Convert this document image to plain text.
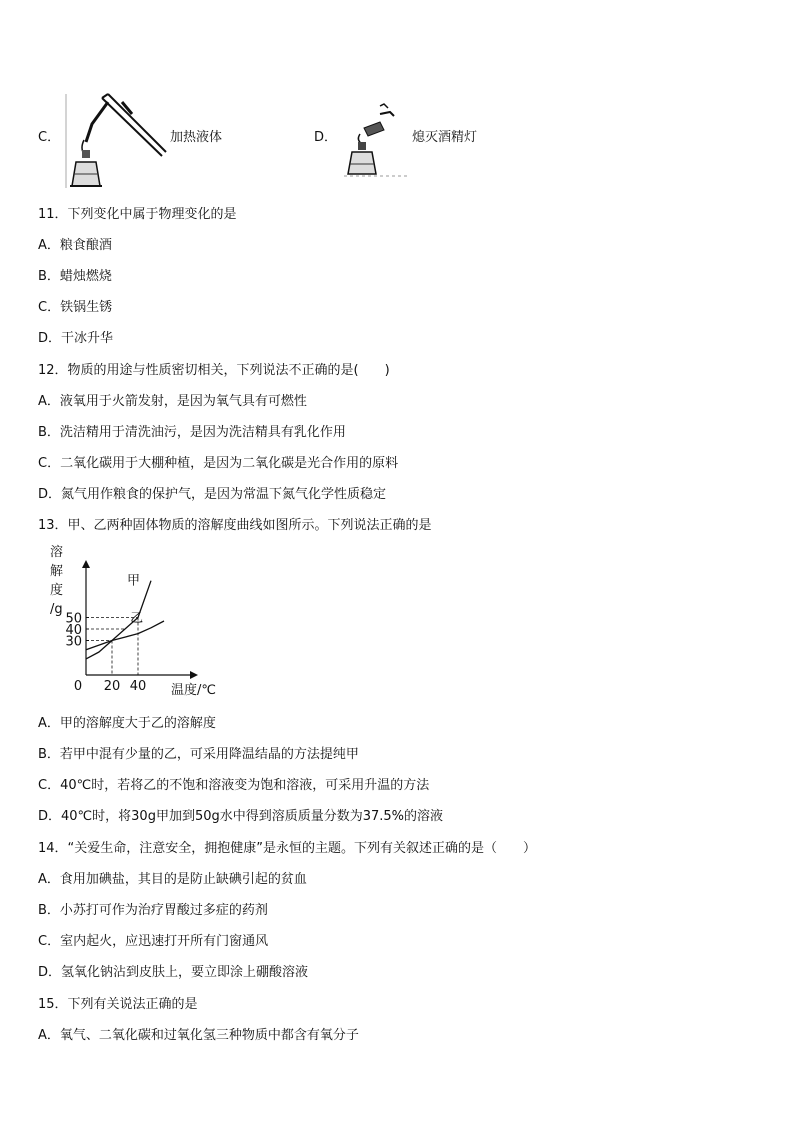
C．	加热液体	D．	熄灭酒精灯
11．下列变化中属于物理变化的是
A．粮食酿酒
B．蜡烛燃烧
C．铁锅生锈
D．干冰升华
12．物质的用途与性质密切相关，下列说法不正确的是(　　)
A．液氧用于火箭发射，是因为氧气具有可燃性
B．洗洁精用于清洗油污，是因为洗洁精具有乳化作用
C．二氧化碳用于大棚种植，是因为二氧化碳是光合作用的原料
D．氮气用作粮食的保护气，是因为常温下氮气化学性质稳定
13．甲、乙两种固体物质的溶解度曲线如图所示。下列说法正确的是
溶
解
度
/g
温度/℃
0 20 40
30
40
50
甲
乙
A．甲的溶解度大于乙的溶解度
B．若甲中混有少量的乙，可采用降温结晶的方法提纯甲
C．40℃时，若将乙的不饱和溶液变为饱和溶液，可采用升温的方法
D．40℃时，将30g甲加到50g水中得到溶质质量分数为37.5%的溶液
14．“关爱生命，注意安全，拥抱健康”是永恒的主题。下列有关叙述正确的是（　　）
A．食用加碘盐，其目的是防止缺碘引起的贫血
B．小苏打可作为治疗胃酸过多症的药剂
C．室内起火，应迅速打开所有门窗通风
D．氢氧化钠沾到皮肤上，要立即涂上硼酸溶液
15．下列有关说法正确的是
A．氧气、二氧化碳和过氧化氢三种物质中都含有氧分子
